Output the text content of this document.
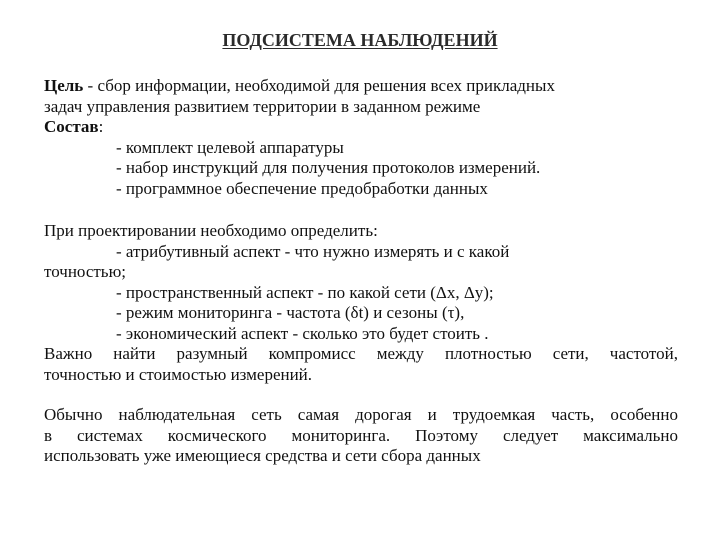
ПОДСИСТЕМА НАБЛЮДЕНИЙ
Цель - сбор информации, необходимой для решения всех прикладных
задач управления развитием территории в заданном режиме
Состав:
- комплект целевой аппаратуры
- набор инструкций для получения протоколов измерений.
- программное обеспечение предобработки данных
При проектировании необходимо определить:
- атрибутивный аспект - что нужно измерять и с какой
точностью;
- пространственный аспект - по какой сети (Δx, Δy);
- режим мониторинга - частота (δt) и сезоны (τ),
- экономический аспект - сколько это будет стоить .
Важно найти разумный компромисс между плотностью сети, частотой,
точностью и стоимостью измерений.
Обычно наблюдательная сеть самая дорогая и трудоемкая часть, особенно
в системах космического мониторинга. Поэтому следует максимально
использовать уже имеющиеся средства и сети сбора данных
